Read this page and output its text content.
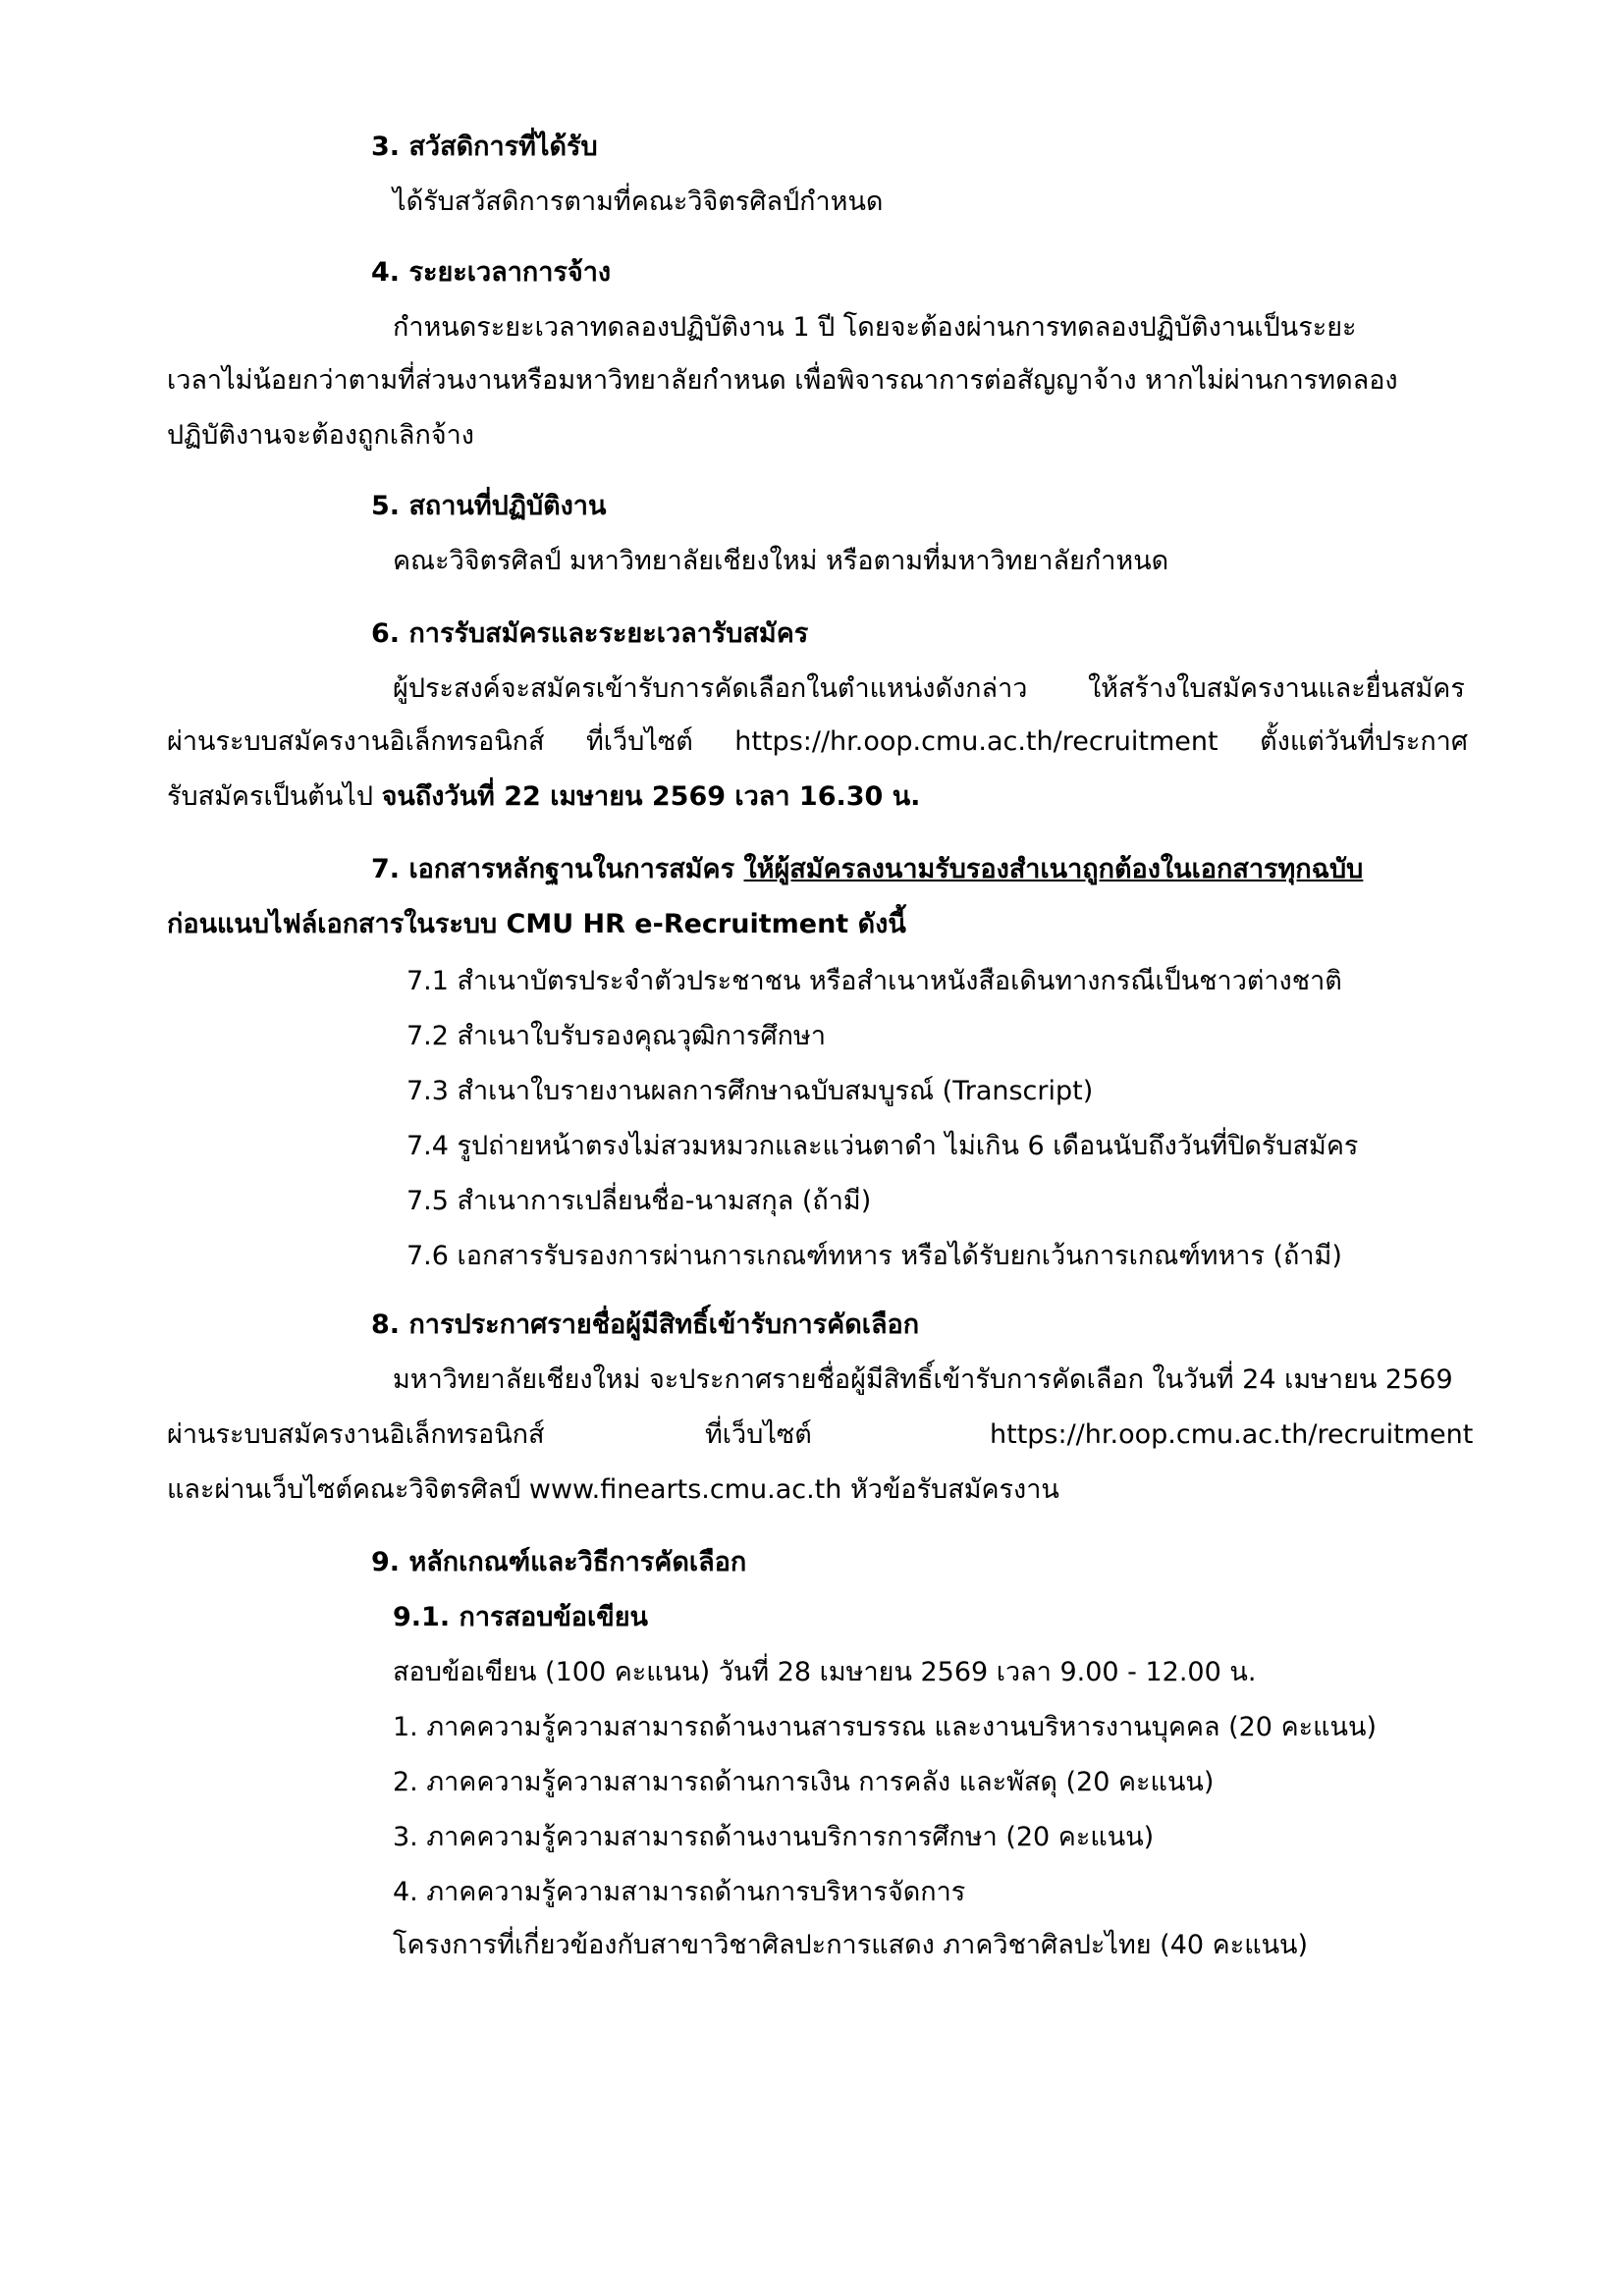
3. สวัสดิการที่ได้รับ
ได้รับสวัสดิการตามที่คณะวิจิตรศิลป์กำหนด
4. ระยะเวลาการจ้าง
กำหนดระยะเวลาทดลองปฏิบัติงาน 1 ปี โดยจะต้องผ่านการทดลองปฏิบัติงานเป็นระยะ
เวลาไม่น้อยกว่าตามที่ส่วนงานหรือมหาวิทยาลัยกำหนด เพื่อพิจารณาการต่อสัญญาจ้าง หากไม่ผ่านการทดลอง
ปฏิบัติงานจะต้องถูกเลิกจ้าง
5. สถานที่ปฏิบัติงาน
คณะวิจิตรศิลป์ มหาวิทยาลัยเชียงใหม่ หรือตามที่มหาวิทยาลัยกำหนด
6. การรับสมัครและระยะเวลารับสมัคร
ผู้ประสงค์จะสมัครเข้ารับการคัดเลือกในตำแหน่งดังกล่าว ให้สร้างใบสมัครงานและยื่นสมัคร
ผ่านระบบสมัครงานอิเล็กทรอนิกส์ ที่เว็บไซต์ https://hr.oop.cmu.ac.th/recruitment ตั้งแต่วันที่ประกาศ
รับสมัครเป็นต้นไป จนถึงวันที่ 22 เมษายน 2569 เวลา 16.30 น.
7. เอกสารหลักฐานในการสมัคร ให้ผู้สมัครลงนามรับรองสำเนาถูกต้องในเอกสารทุกฉบับ
ก่อนแนบไฟล์เอกสารในระบบ CMU HR e-Recruitment ดังนี้
7.1 สำเนาบัตรประจำตัวประชาชน หรือสำเนาหนังสือเดินทางกรณีเป็นชาวต่างชาติ
7.2 สำเนาใบรับรองคุณวุฒิการศึกษา
7.3 สำเนาใบรายงานผลการศึกษาฉบับสมบูรณ์ (Transcript)
7.4 รูปถ่ายหน้าตรงไม่สวมหมวกและแว่นตาดำ ไม่เกิน 6 เดือนนับถึงวันที่ปิดรับสมัคร
7.5 สำเนาการเปลี่ยนชื่อ-นามสกุล (ถ้ามี)
7.6 เอกสารรับรองการผ่านการเกณฑ์ทหาร หรือได้รับยกเว้นการเกณฑ์ทหาร (ถ้ามี)
8. การประกาศรายชื่อผู้มีสิทธิ์เข้ารับการคัดเลือก
มหาวิทยาลัยเชียงใหม่ จะประกาศรายชื่อผู้มีสิทธิ์เข้ารับการคัดเลือก ในวันที่ 24 เมษายน 2569
ผ่านระบบสมัครงานอิเล็กทรอนิกส์	ที่เว็บไซต์	https://hr.oop.cmu.ac.th/recruitment
และผ่านเว็บไซต์คณะวิจิตรศิลป์ www.finearts.cmu.ac.th หัวข้อรับสมัครงาน
9. หลักเกณฑ์และวิธีการคัดเลือก
9.1. การสอบข้อเขียน
สอบข้อเขียน (100 คะแนน) วันที่ 28 เมษายน 2569 เวลา 9.00 - 12.00 น.
1. ภาคความรู้ความสามารถด้านงานสารบรรณ และงานบริหารงานบุคคล (20 คะแนน)
2. ภาคความรู้ความสามารถด้านการเงิน การคลัง และพัสดุ (20 คะแนน)
3. ภาคความรู้ความสามารถด้านงานบริการการศึกษา (20 คะแนน)
4. ภาคความรู้ความสามารถด้านการบริหารจัดการ
โครงการที่เกี่ยวข้องกับสาขาวิชาศิลปะการแสดง ภาควิชาศิลปะไทย (40 คะแนน)
